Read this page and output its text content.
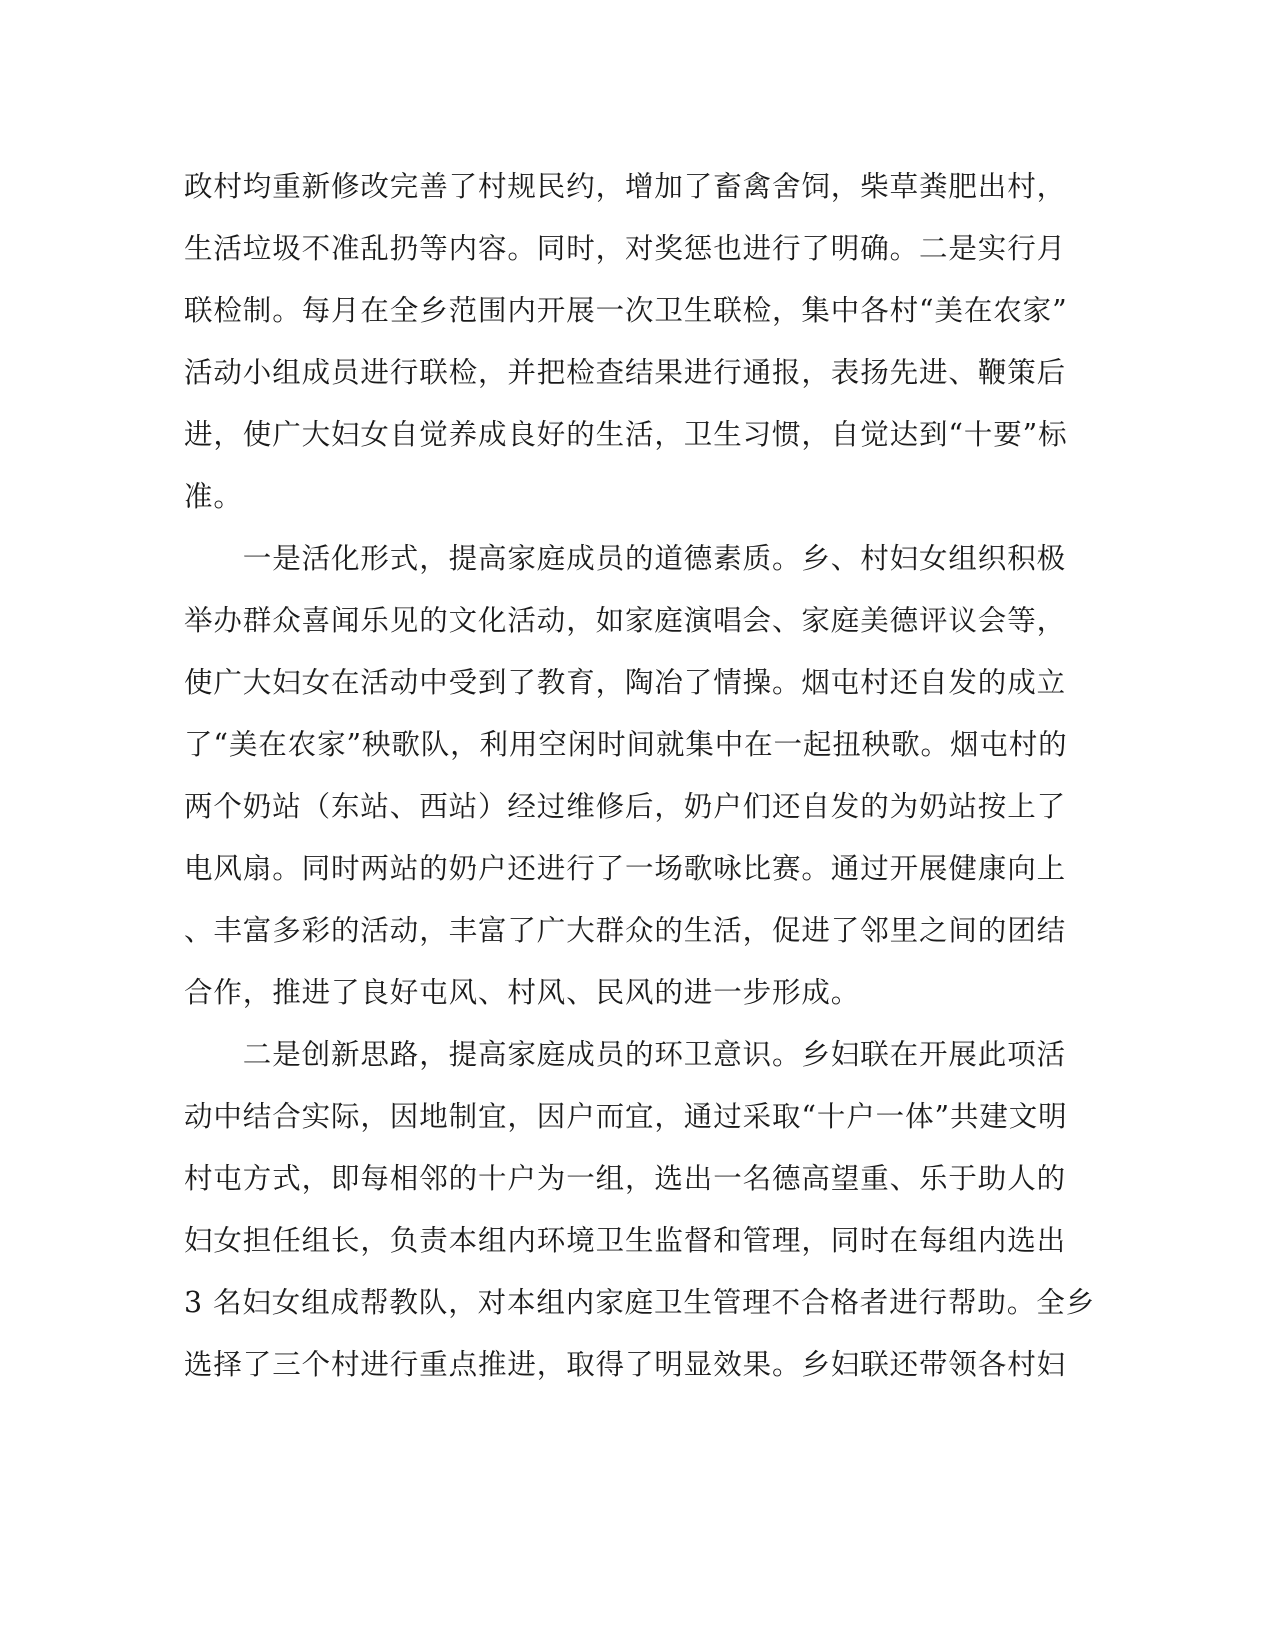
政村均重新修改完善了村规民约，增加了畜禽舍饲，柴草粪肥出村，
生活垃圾不准乱扔等内容。同时，对奖惩也进行了明确。二是实行月
联检制。每月在全乡范围内开展一次卫生联检，集中各村“美在农家”
活动小组成员进行联检，并把检查结果进行通报，表扬先进、鞭策后
进，使广大妇女自觉养成良好的生活，卫生习惯，自觉达到“十要”标
准。
　　一是活化形式，提高家庭成员的道德素质。乡、村妇女组织积极
举办群众喜闻乐见的文化活动，如家庭演唱会、家庭美德评议会等，
使广大妇女在活动中受到了教育，陶冶了情操。烟屯村还自发的成立
了“美在农家”秧歌队，利用空闲时间就集中在一起扭秧歌。烟屯村的
两个奶站（东站、西站）经过维修后，奶户们还自发的为奶站按上了
电风扇。同时两站的奶户还进行了一场歌咏比赛。通过开展健康向上
、丰富多彩的活动，丰富了广大群众的生活，促进了邻里之间的团结
合作，推进了良好屯风、村风、民风的进一步形成。
　　二是创新思路，提高家庭成员的环卫意识。乡妇联在开展此项活
动中结合实际，因地制宜，因户而宜，通过采取“十户一体”共建文明
村屯方式，即每相邻的十户为一组，选出一名德高望重、乐于助人的
妇女担任组长，负责本组内环境卫生监督和管理，同时在每组内选出
3 名妇女组成帮教队，对本组内家庭卫生管理不合格者进行帮助。全乡
选择了三个村进行重点推进，取得了明显效果。乡妇联还带领各村妇
